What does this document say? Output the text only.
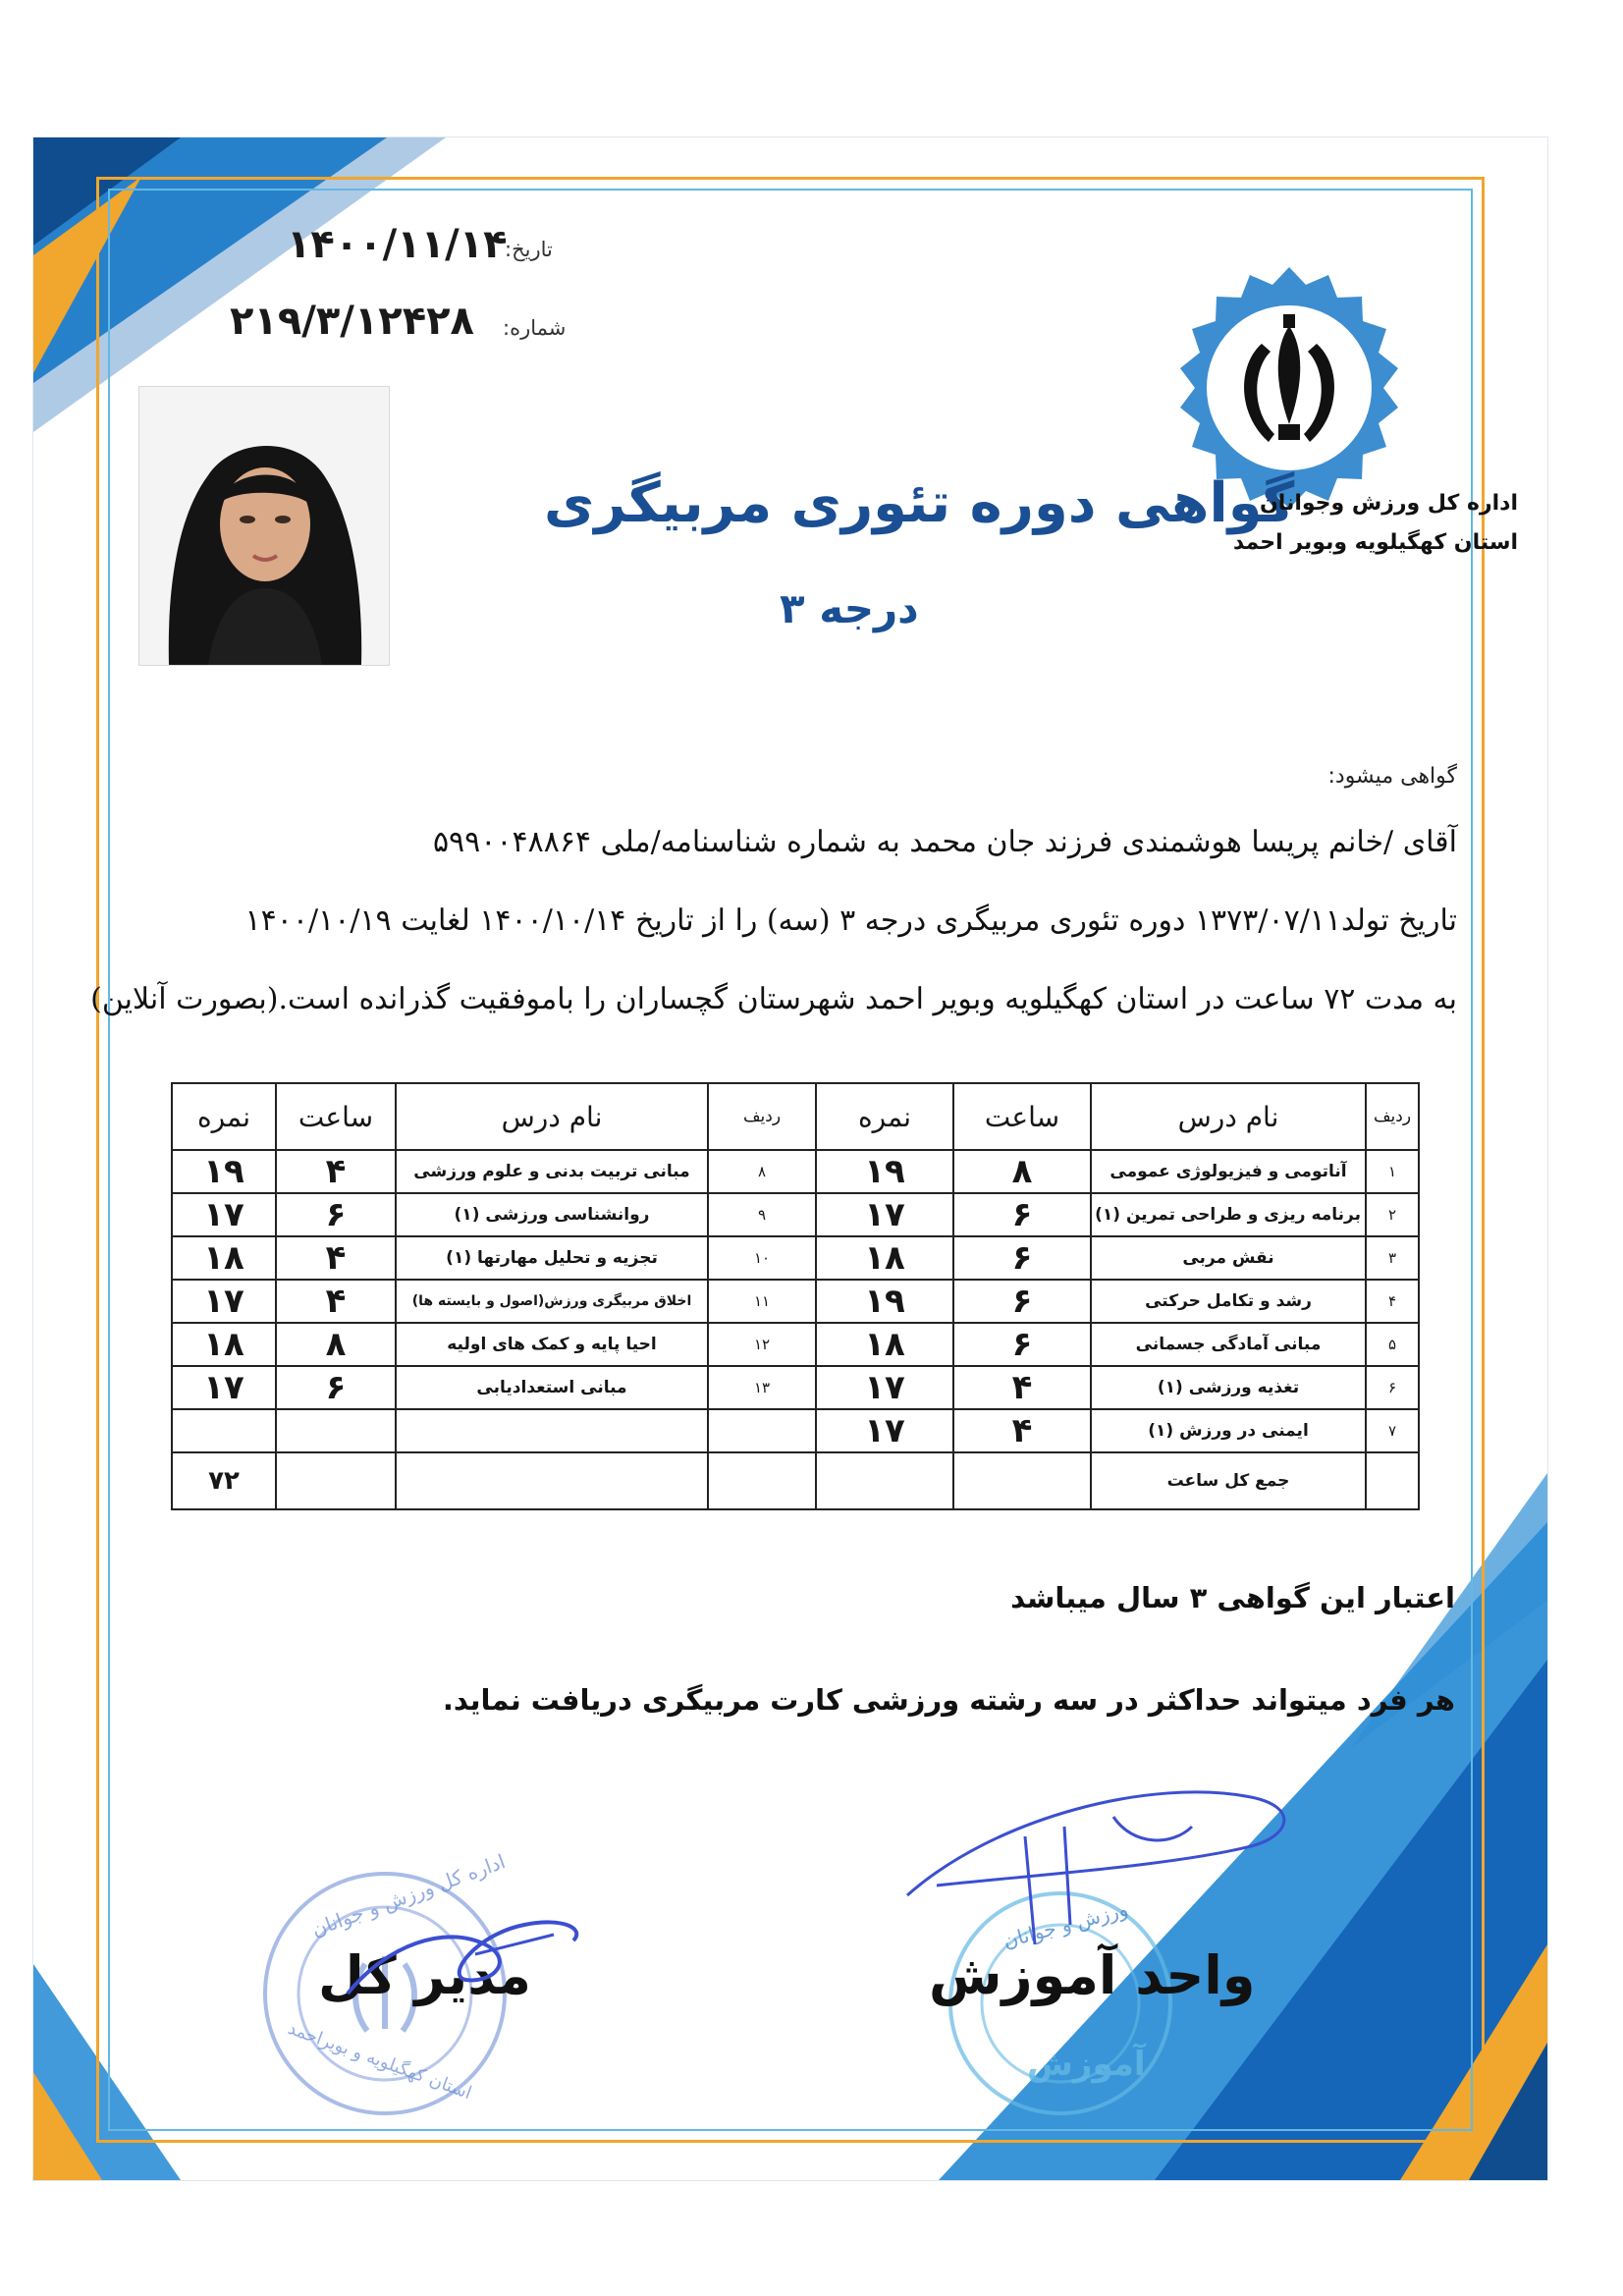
تاریخ:
۱۴۰۰/۱۱/۱۴
شماره:
۲۱۹/۳/۱۲۴۲۸
گواهی دوره تئوری مربیگری
درجه ۳
اداره کل ورزش وجوانان
استان کهگیلویه وبویر احمد
گواهی میشود:
آقای /خانم پریسا هوشمندی فرزند جان محمد به شماره شناسنامه/ملی ۵۹۹۰۰۴۸۸۶۴
تاریخ تولد۱۳۷۳/۰۷/۱۱ دوره تئوری مربیگری درجه ۳ (سه) را از تاریخ ۱۴۰۰/۱۰/۱۴ لغایت ۱۴۰۰/۱۰/۱۹
به مدت ۷۲ ساعت در استان کهگیلویه وبویر احمد شهرستان گچساران را باموفقیت گذرانده است.(بصورت آنلاین)
ردیف	نام درس	ساعت	نمره	ردیف	نام درس	ساعت	نمره
۱	آناتومی و فیزیولوژی عمومی	۸	۱۹	۸	مبانی تربیت بدنی و علوم ورزشی	۴	۱۹
۲	برنامه ریزی و طراحی تمرین (۱)	۶	۱۷	۹	روانشناسی ورزشی (۱)	۶	۱۷
۳	نقش مربی	۶	۱۸	۱۰	تجزیه و تحلیل مهارتها (۱)	۴	۱۸
۴	رشد و تکامل حرکتی	۶	۱۹	۱۱	اخلاق مربیگری ورزش(اصول و بایسته ها)	۴	۱۷
۵	مبانی آمادگی جسمانی	۶	۱۸	۱۲	احیا پایه و کمک های اولیه	۸	۱۸
۶	تغذیه ورزشی (۱)	۴	۱۷	۱۳	مبانی استعدادیابی	۶	۱۷
۷	ایمنی در ورزش (۱)	۴	۱۷				
	جمع کل ساعت						۷۲
اعتبار این گواهی ۳ سال میباشد
هر فرد میتواند حداکثر در سه رشته ورزشی کارت مربیگری دریافت نماید.
اداره کل ورزش و جوانان
استان کهگیلویه و بویراحمد
مدیر کل
ورزش و جوانان
آموزش
واحد آموزش
